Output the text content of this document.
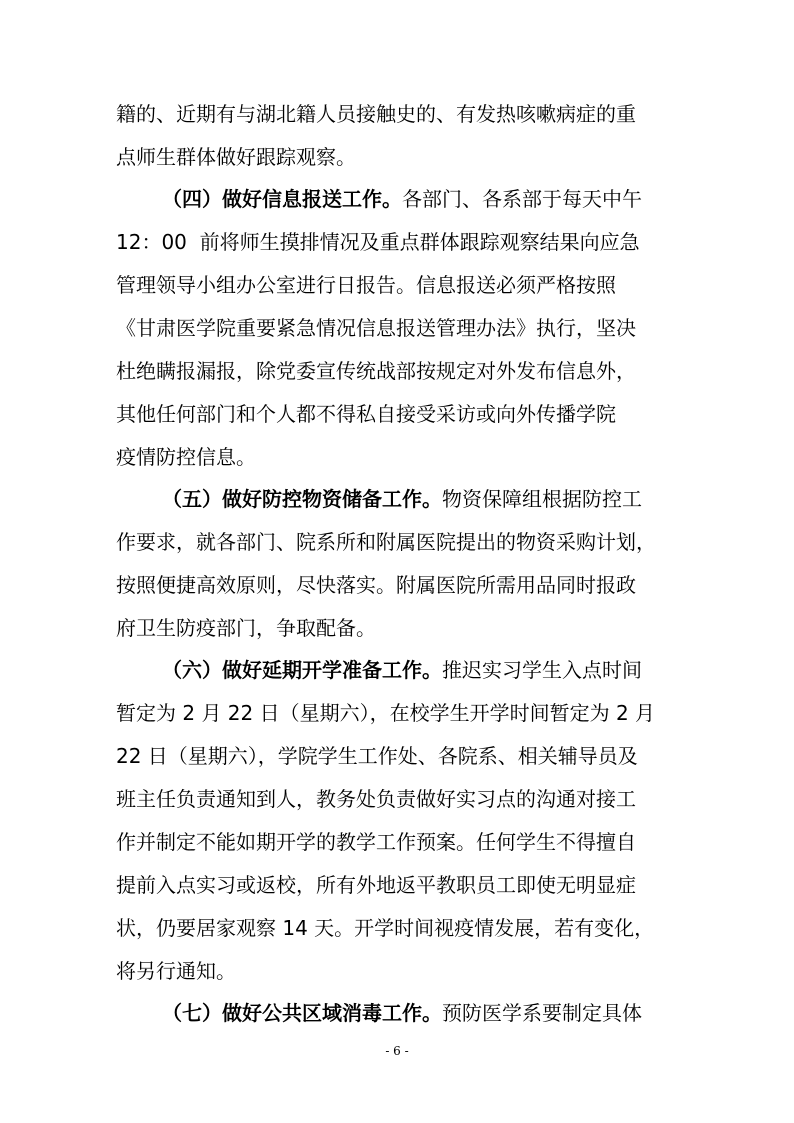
籍的、近期有与湖北籍人员接触史的、有发热咳嗽病症的重
点师生群体做好跟踪观察。
（四）做好信息报送工作。各部门、各系部于每天中午
12：00 前将师生摸排情况及重点群体跟踪观察结果向应急
管理领导小组办公室进行日报告。信息报送必须严格按照
《甘肃医学院重要紧急情况信息报送管理办法》执行，坚决
杜绝瞒报漏报，除党委宣传统战部按规定对外发布信息外，
其他任何部门和个人都不得私自接受采访或向外传播学院
疫情防控信息。
（五）做好防控物资储备工作。物资保障组根据防控工
作要求，就各部门、院系所和附属医院提出的物资采购计划，
按照便捷高效原则，尽快落实。附属医院所需用品同时报政
府卫生防疫部门，争取配备。
（六）做好延期开学准备工作。推迟实习学生入点时间
暂定为 2 月 22 日（星期六），在校学生开学时间暂定为 2 月
22 日（星期六），学院学生工作处、各院系、相关辅导员及
班主任负责通知到人，教务处负责做好实习点的沟通对接工
作并制定不能如期开学的教学工作预案。任何学生不得擅自
提前入点实习或返校，所有外地返平教职员工即使无明显症
状，仍要居家观察 14 天。开学时间视疫情发展，若有变化，
将另行通知。
（七）做好公共区域消毒工作。预防医学系要制定具体
- 6 -
